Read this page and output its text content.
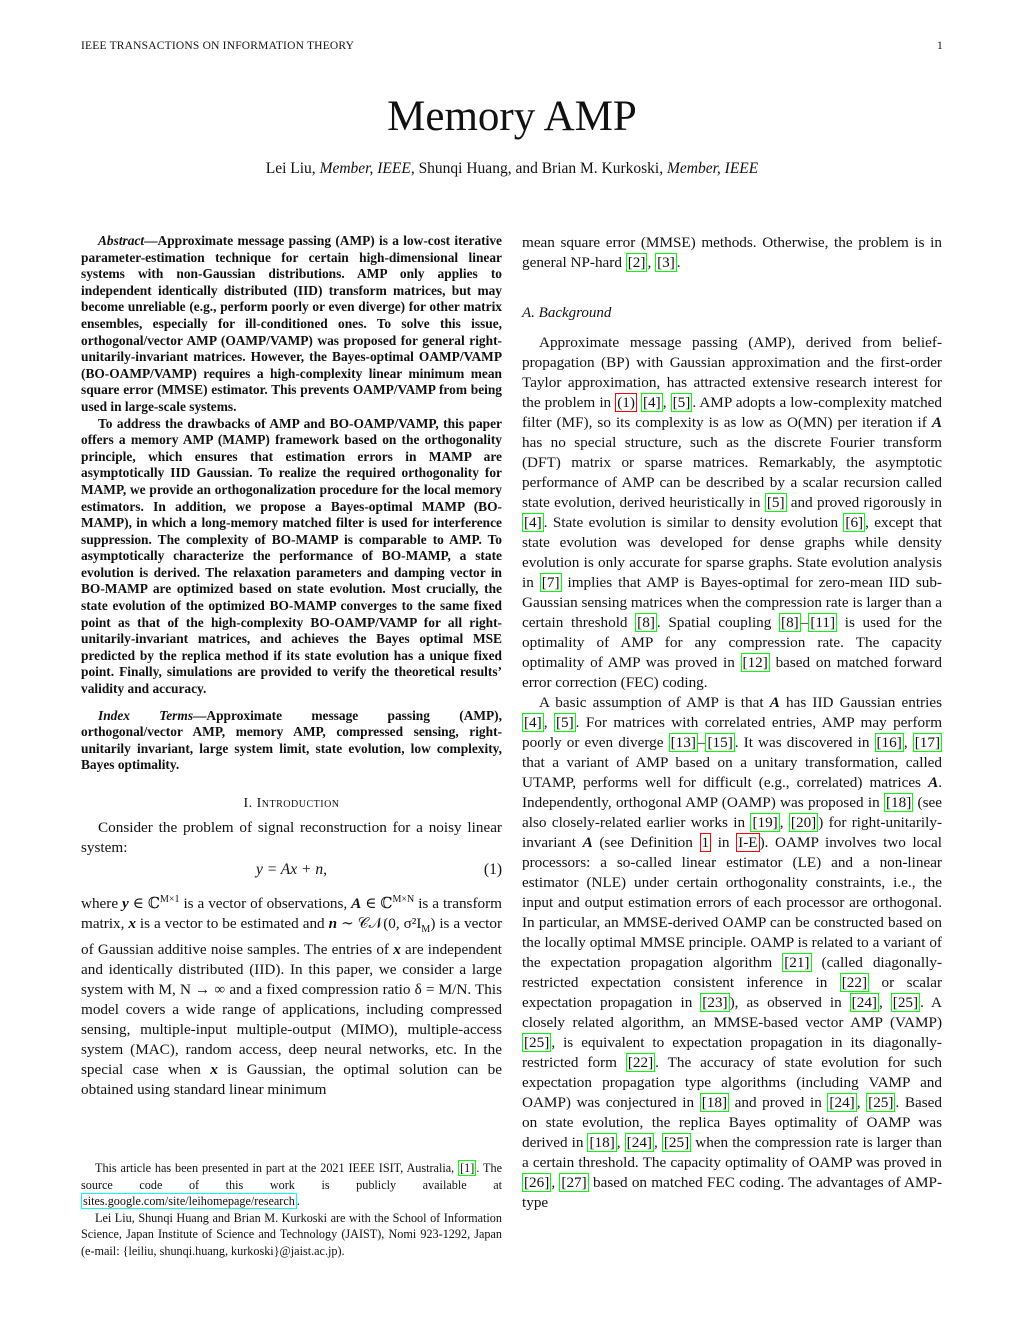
IEEE TRANSACTIONS ON INFORMATION THEORY	1
Memory AMP
Lei Liu, Member, IEEE, Shunqi Huang, and Brian M. Kurkoski, Member, IEEE

Abstract—Approximate message passing (AMP) is a low-cost iterative parameter-estimation technique for certain high-dimensional linear systems with non-Gaussian distributions. AMP only applies to independent identically distributed (IID) transform matrices, but may become unreliable (e.g., perform poorly or even diverge) for other matrix ensembles, especially for ill-conditioned ones. To solve this issue, orthogonal/vector AMP (OAMP/VAMP) was proposed for general right-unitarily-invariant matrices. However, the Bayes-optimal OAMP/VAMP (BO-OAMP/VAMP) requires a high-complexity linear minimum mean square error (MMSE) estimator. This prevents OAMP/VAMP from being used in large-scale systems.

To address the drawbacks of AMP and BO-OAMP/VAMP, this paper offers a memory AMP (MAMP) framework based on the orthogonality principle, which ensures that estimation errors in MAMP are asymptotically IID Gaussian. To realize the required orthogonality for MAMP, we provide an orthogonalization procedure for the local memory estimators. In addition, we propose a Bayes-optimal MAMP (BO-MAMP), in which a long-memory matched filter is used for interference suppression. The complexity of BO-MAMP is comparable to AMP. To asymptotically characterize the performance of BO-MAMP, a state evolution is derived. The relaxation parameters and damping vector in BO-MAMP are optimized based on state evolution. Most crucially, the state evolution of the optimized BO-MAMP converges to the same fixed point as that of the high-complexity BO-OAMP/VAMP for all right-unitarily-invariant matrices, and achieves the Bayes optimal MSE predicted by the replica method if its state evolution has a unique fixed point. Finally, simulations are provided to verify the theoretical results’ validity and accuracy.

Index Terms—Approximate message passing (AMP), orthogonal/vector AMP, memory AMP, compressed sensing, right-unitarily invariant, large system limit, state evolution, low complexity, Bayes optimality.
I. Introduction

Consider the problem of signal reconstruction for a noisy linear system:

y = Ax + n,	(1)

where y ∈ ℂ$^{M\times 1}$ is a vector of observations, A ∈ ℂ$^{M\times N}$ is a transform matrix, x is a vector to be estimated and n ∼ 𝒞𝒩(0, $\sigma^2I_M$) is a vector of Gaussian additive noise samples. The entries of x are independent and identically distributed (IID). In this paper, we consider a large system with M, N → ∞ and a fixed compression ratio δ = M/N. This model covers a wide range of applications, including compressed sensing, multiple-input multiple-output (MIMO), multiple-access system (MAC), random access, deep neural networks, etc. In the special case when x is Gaussian, the optimal solution can be obtained using standard linear minimum

This article has been presented in part at the 2021 IEEE ISIT, Australia, [1] . The source code of this work is publicly available at sites.google.com/site/leihomepage/research .

Lei Liu, Shunqi Huang and Brian M. Kurkoski are with the School of Information Science, Japan Institute of Science and Technology (JAIST), Nomi 923-1292, Japan (e-mail: {leiliu, shunqi.huang, kurkoski}@jaist.ac.jp).

mean square error (MMSE) methods. Otherwise, the problem is in general NP-hard [2] , [3] .

A. Background

Approximate message passing (AMP), derived from belief-propagation (BP) with Gaussian approximation and the first-order Taylor approximation, has attracted extensive research interest for the problem in (1) [4] , [5] . AMP adopts a low-complexity matched filter (MF), so its complexity is as low as O(MN) per iteration if A has no special structure, such as the discrete Fourier transform (DFT) matrix or sparse matrices. Remarkably, the asymptotic performance of AMP can be described by a scalar recursion called state evolution, derived heuristically in [5] and proved rigorously in [4] . State evolution is similar to density evolution [6] , except that state evolution was developed for dense graphs while density evolution is only accurate for sparse graphs. State evolution analysis in [7] implies that AMP is Bayes-optimal for zero-mean IID sub-Gaussian sensing matrices when the compression rate is larger than a certain threshold [8] . Spatial coupling [8] – [11] is used for the optimality of AMP for any compression rate. The capacity optimality of AMP was proved in [12] based on matched forward error correction (FEC) coding.

A basic assumption of AMP is that A has IID Gaussian entries [4] , [5] . For matrices with correlated entries, AMP may perform poorly or even diverge [13] – [15] . It was discovered in [16] , [17] that a variant of AMP based on a unitary transformation, called UTAMP, performs well for difficult (e.g., correlated) matrices A. Independently, orthogonal AMP (OAMP) was proposed in [18] (see also closely-related earlier works in [19] , [20] ) for right-unitarily-invariant A (see Definition 1 in I-E ). OAMP involves two local processors: a so-called linear estimator (LE) and a non-linear estimator (NLE) under certain orthogonality constraints, i.e., the input and output estimation errors of each processor are orthogonal. In particular, an MMSE-derived OAMP can be constructed based on the locally optimal MMSE principle. OAMP is related to a variant of the expectation propagation algorithm [21] (called diagonally-restricted expectation consistent inference in [22] or scalar expectation propagation in [23] ), as observed in [24] , [25] . A closely related algorithm, an MMSE-based vector AMP (VAMP) [25] , is equivalent to expectation propagation in its diagonally-restricted form [22] . The accuracy of state evolution for such expectation propagation type algorithms (including VAMP and OAMP) was conjectured in [18] and proved in [24] , [25] . Based on state evolution, the replica Bayes optimality of OAMP was derived in [18] , [24] , [25] when the compression rate is larger than a certain threshold. The capacity optimality of OAMP was proved in [26] , [27] based on matched FEC coding. The advantages of AMP-type
